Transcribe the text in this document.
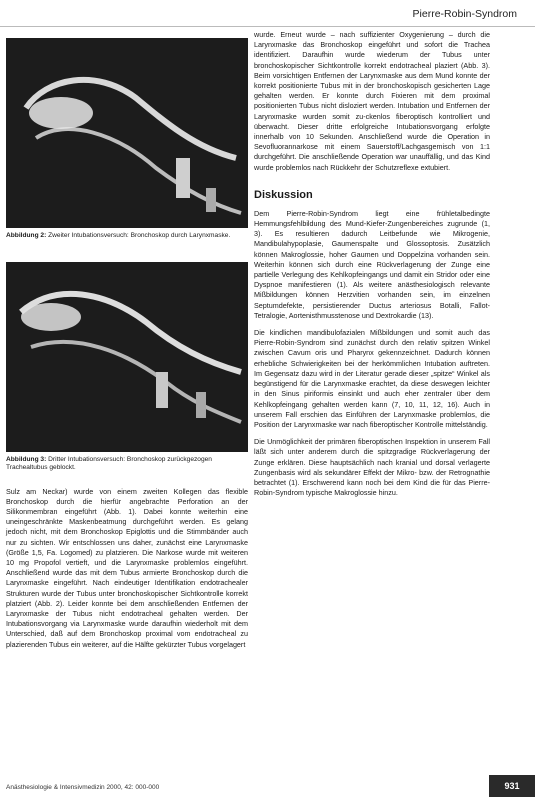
Pierre-Robin-Syndrom
Abbildung 2: Zweiter Intubationsversuch: Bronchoskop durch Larynxmaske.
Abbildung 3: Dritter Intubationsversuch: Bronchoskop zurückgezogen Trachealtubus geblockt.

Sulz am Neckar) wurde von einem zweiten Kollegen das flexible Bronchoskop durch die hierfür angebrachte Perforation an der Silikonmembran eingeführt (Abb. 1). Dabei konnte weiterhin eine uneingeschränkte Maskenbeatmung durchgeführt werden. Es gelang jedoch nicht, mit dem Bronchoskop Epiglottis und die Stimmbänder auch nur zu sichten. Wir entschlossen uns daher, zunächst eine Larynxmaske (Größe 1,5, Fa. Logomed) zu platzieren. Die Narkose wurde mit weiteren 10 mg Propofol vertieft, und die Larynxmaske problemlos eingeführt. Anschließend wurde das mit dem Tubus armierte Bronchoskop durch die Larynxmaske eingeführt. Nach eindeutiger Identifikation endotrachealer Strukturen wurde der Tubus unter bronchoskopischer Sichtkontrolle korrekt platziert (Abb. 2). Leider konnte bei dem anschließenden Entfernen der Larynxmaske der Tubus nicht endotracheal gehalten werden. Der Intubationsvorgang via Larynxmaske wurde daraufhin wiederholt mit dem Unterschied, daß auf dem Bronchoskop proximal vom endotracheal zu plazierenden Tubus ein weiterer, auf die Hälfte gekürzter Tubus vorgelagert

wurde. Erneut wurde – nach suffizienter Oxygenierung – durch die Larynxmaske das Bronchoskop eingeführt und sofort die Trachea identifiziert. Daraufhin wurde wiederum der Tubus unter bronchoskopischer Sichtkontrolle korrekt endotracheal plaziert (Abb. 3). Beim vorsichtigen Entfernen der Larynxmaske aus dem Mund konnte der korrekt positionierte Tubus mit in der bronchoskopisch gesicherten Lage gehalten werden. Er konnte durch Fixieren mit dem proximal positionierten Tubus nicht disloziert werden. Intubation und Entfernen der Larynxmaske wurden somit zu-ckenlos fiberoptisch kontrolliert und überwacht. Dieser dritte erfolgreiche Intubationsvorgang erfolgte innerhalb von 10 Sekunden. Anschließend wurde die Operation in Sevofluorannarkose mit einem Sauerstoff/Lachgasgemisch von 1:1 durchgeführt. Die anschließende Operation war unauffällig, und das Kind wurde problemlos nach Rückkehr der Schutzreflexe extubiert.

Diskussion

Dem Pierre-Robin-Syndrom liegt eine frühletalbedingte Hemmungsfehlbildung des Mund-Kiefer-Zungenbereiches zugrunde (1, 3). Es resultieren dadurch Leitbefunde wie Mikrogenie, Mandibulahypoplasie, Gaumenspalte und Glossoptosis. Zusätzlich können Makroglossie, hoher Gaumen und Doppelzina vorhanden sein. Weiterhin können sich durch eine Rückverlagerung der Zunge eine partielle Verlegung des Kehlkopfeingangs und damit ein Stridor oder eine Dyspnoe manifestieren (1). Als weitere anästhesiologisch relevante Mißbildungen können Herzvitien vorhanden sein, im einzelnen Septumdefekte, persistierender Ductus arteriosus Botalli, Fallot-Tetralogie, Aortenisthmusstenose und Dextrokardie (13).

Die kindlichen mandibulofazialen Mißbildungen und somit auch das Pierre-Robin-Syndrom sind zunächst durch den relativ spitzen Winkel zwischen Cavum oris und Pharynx gekennzeichnet. Dadurch können erhebliche Schwierigkeiten bei der herkömmlichen Intubation auftreten. Im Gegensatz dazu wird in der Literatur gerade dieser „spitze“ Winkel als begünstigend für die Larynxmaske erachtet, da diese deswegen leichter in den Sinus piriformis einsinkt und auch eher zentraler über dem Kehlkopfeingang gehalten werden kann (7, 10, 11, 12, 16). Auch in unserem Fall erschien das Einführen der Larynxmaske problemlos, die Position der Larynxmaske war nach fiberoptischer Kontrolle mittelständig.

Die Unmöglichkeit der primären fiberoptischen Inspektion in unserem Fall läßt sich unter anderem durch die spitzgradige Rückverlagerung der Zunge erklären. Diese hauptsächlich nach kranial und dorsal verlagerte Zungenbasis wird als sekundärer Effekt der Mikro- bzw. der Retrognathie betrachtet (1). Erschwerend kann noch bei dem Kind die für das Pierre-Robin-Syndrom typische Makroglossie hinzu.

Anästhesiologie & Intensivmedizin 2000, 42: 000-000	931
